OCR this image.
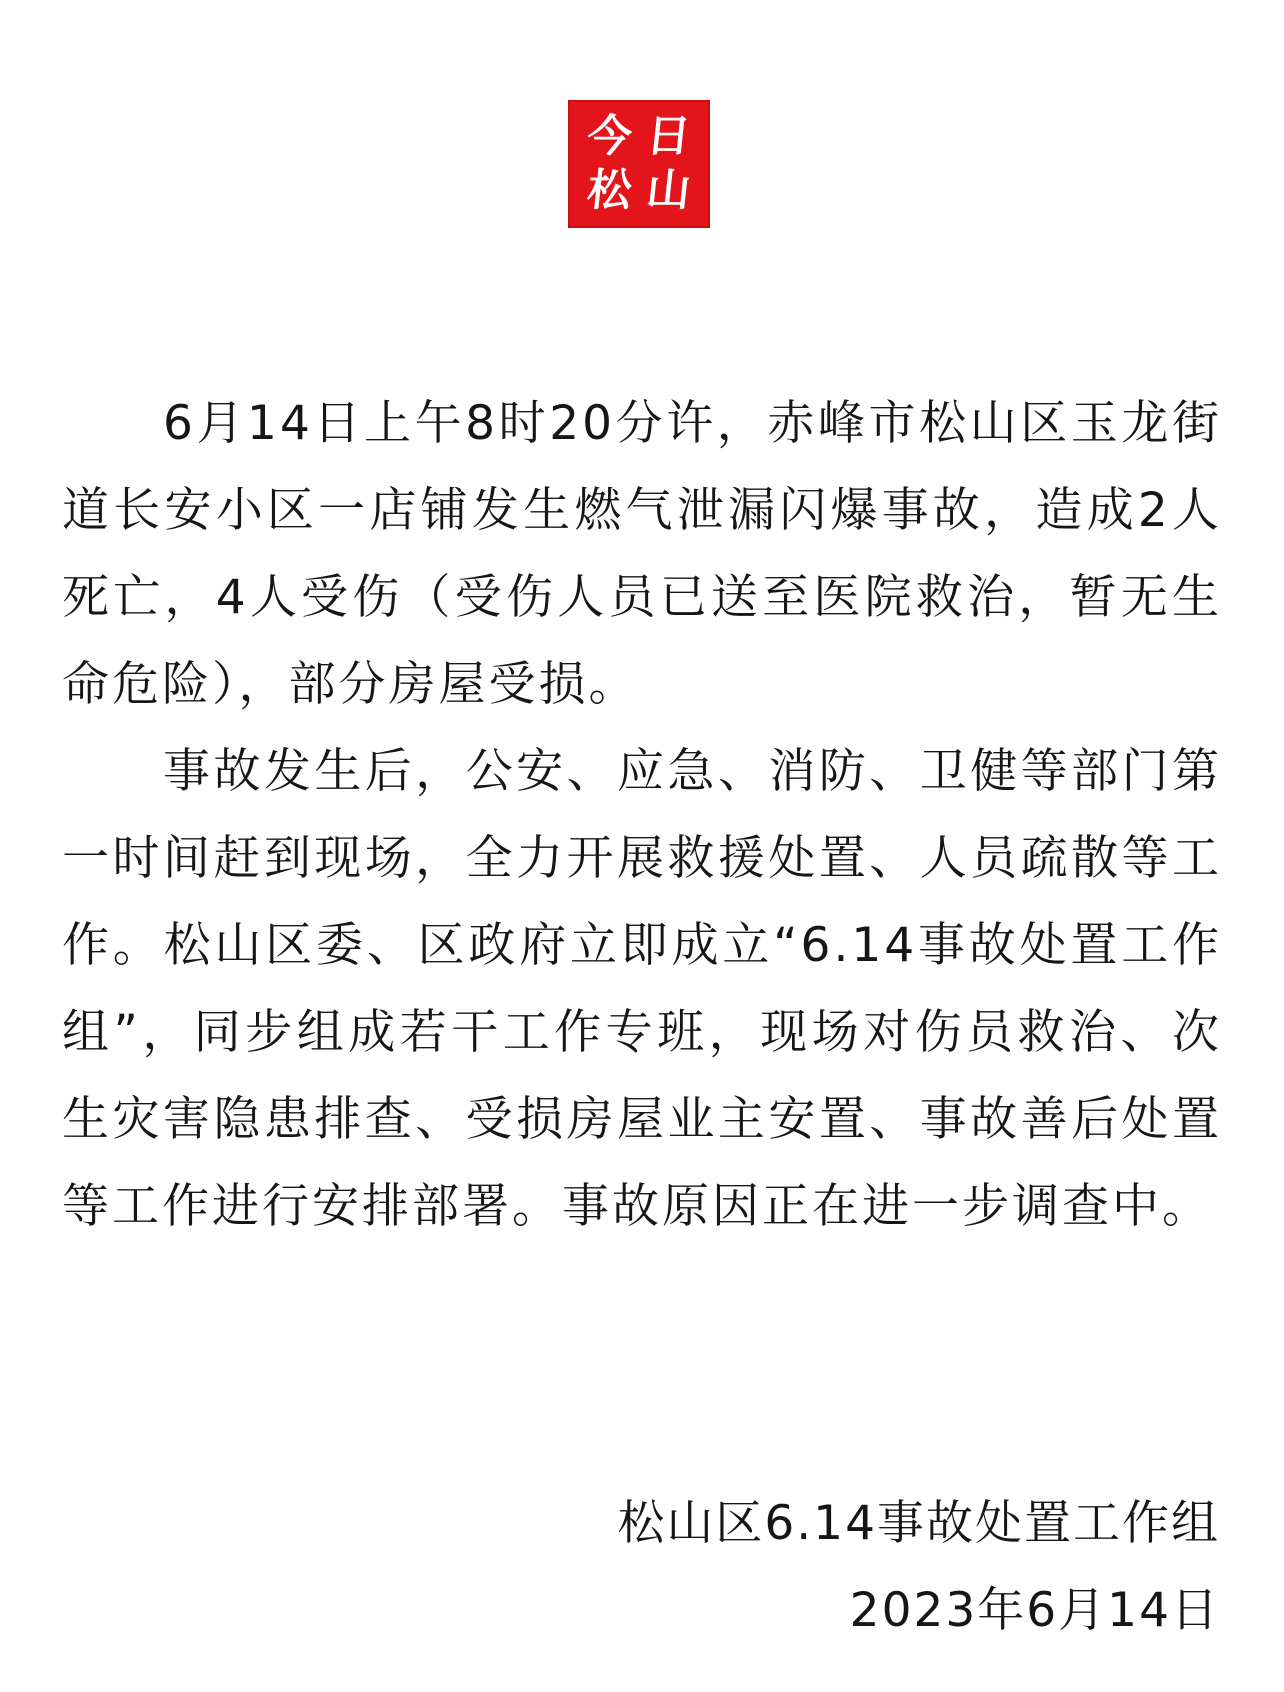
今 日
松 山

6月14日上午8时20分许，赤峰市松山区玉龙街道长安小区一店铺发生燃气泄漏闪爆事故，造成2人死亡，4人受伤（受伤人员已送至医院救治，暂无生命危险），部分房屋受损。

事故发生后，公安、应急、消防、卫健等部门第一时间赶到现场，全力开展救援处置、人员疏散等工作。松山区委、区政府立即成立“6.14事故处置工作组”，同步组成若干工作专班，现场对伤员救治、次生灾害隐患排查、受损房屋业主安置、事故善后处置等工作进行安排部署。事故原因正在进一步调查中。

松山区6.14事故处置工作组
2023年6月14日
